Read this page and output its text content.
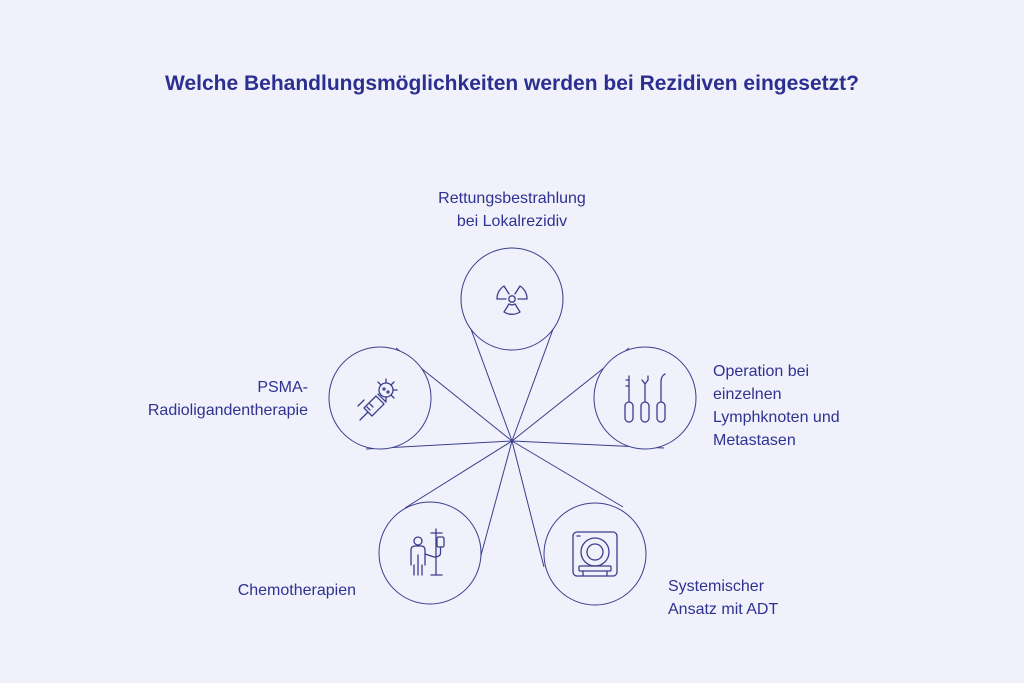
Welche Behandlungsmöglichkeiten werden bei Rezidiven eingesetzt?
Rettungsbestrahlung
bei Lokalrezidiv
Operation bei
einzelnen
Lymphknoten und
Metastasen
Systemischer
Ansatz mit ADT
Chemotherapien
PSMA-
Radioligandentherapie
